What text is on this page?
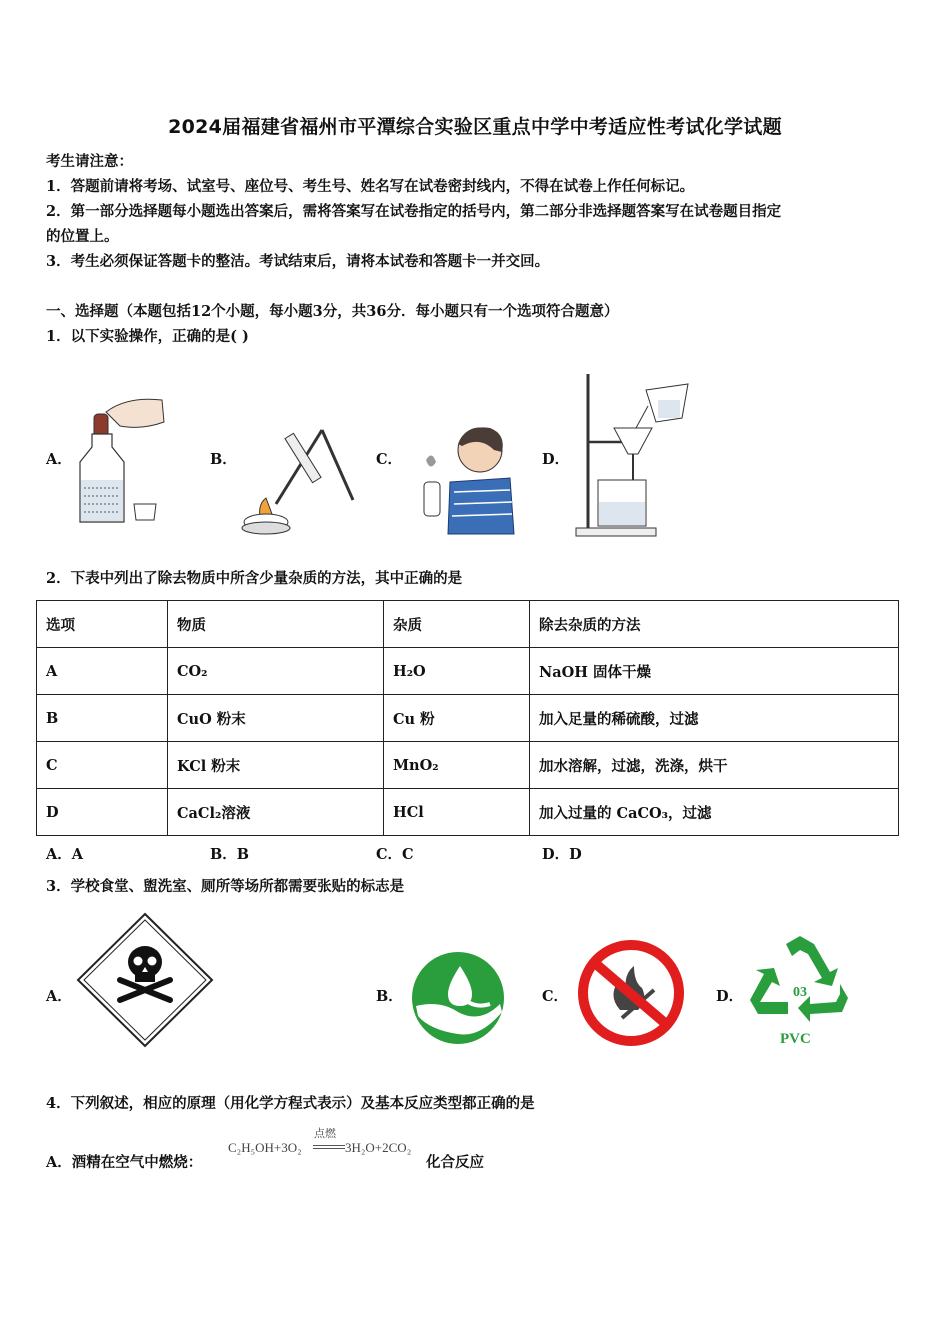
2024届福建省福州市平潭综合实验区重点中学中考适应性考试化学试题
考生请注意：
1．答题前请将考场、试室号、座位号、考生号、姓名写在试卷密封线内，不得在试卷上作任何标记。
2．第一部分选择题每小题选出答案后，需将答案写在试卷指定的括号内，第二部分非选择题答案写在试卷题目指定
的位置上。
3．考生必须保证答题卡的整洁。考试结束后，请将本试卷和答题卡一并交回。
一、选择题（本题包括12个小题，每小题3分，共36分．每小题只有一个选项符合题意）
1．以下实验操作，正确的是( )
A．	B．	C．	D．
2．下表中列出了除去物质中所含少量杂质的方法，其中正确的是
选项	物质	杂质	除去杂质的方法
A	CO₂	H₂O	NaOH 固体干燥
B	CuO 粉末	Cu 粉	加入足量的稀硫酸，过滤
C	KCl 粉末	MnO₂	加水溶解，过滤，洗涤，烘干
D	CaCl₂溶液	HCl	加入过量的 CaCO₃，过滤
A．A	B．B	C．C	D．D
3．学校食堂、盥洗室、厕所等场所都需要张贴的标志是
A．	B．	C．	D．	03
PVC
4．下列叙述，相应的原理（用化学方程式表示）及基本反应类型都正确的是
A．酒精在空气中燃烧：
C₂H₅OH+3O₂
点燃
3H₂O+2CO₂
化合反应
